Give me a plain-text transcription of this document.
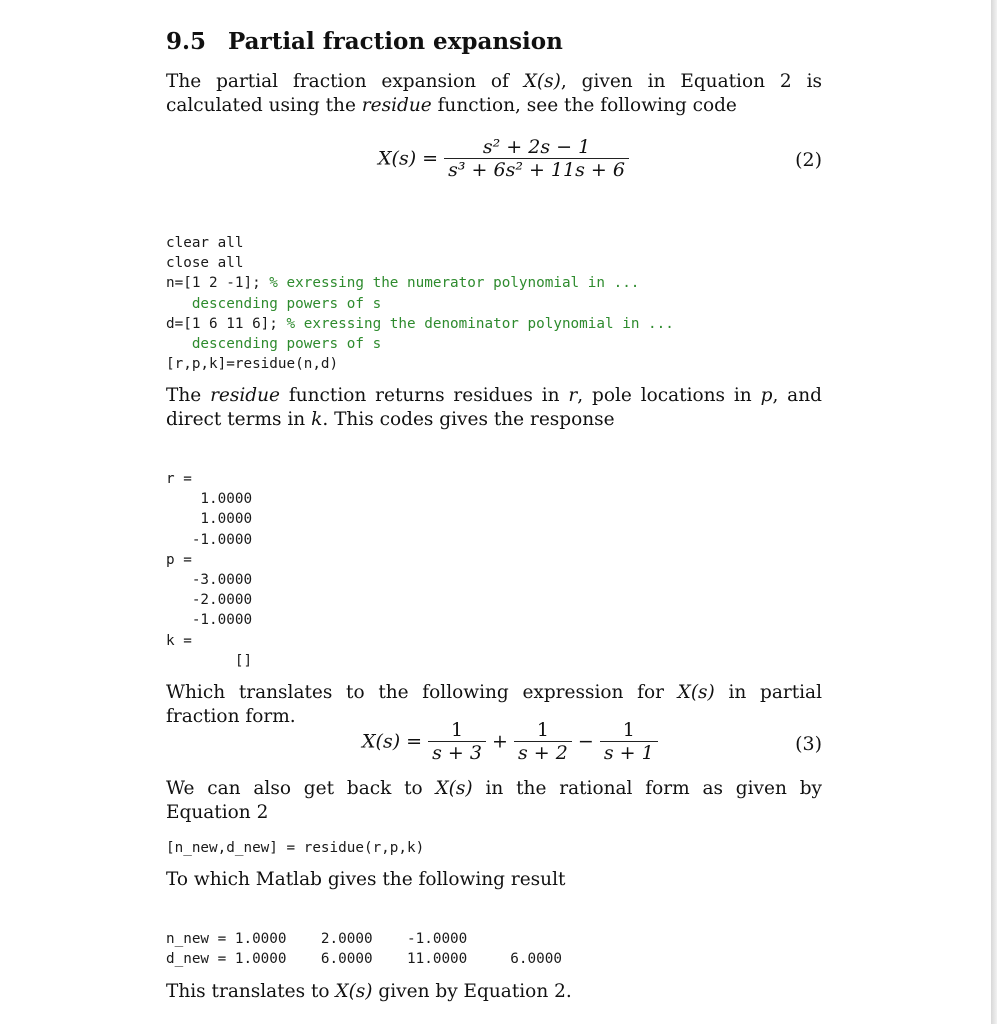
9.5 Partial fraction expansion
The partial fraction expansion of X(s), given in Equation 2 is calculated using the residue function, see the following code
$X(s) = \frac{\text{s² + 2s − 1}}{\text{s³ + 6s² + 11s + 6}}$	(2)
clear all
close all
n=[1 2 -1]; % exressing the numerator polynomial in ...
descending powers of s
d=[1 6 11 6]; % exressing the denominator polynomial in ...
descending powers of s
[r,p,k]=residue(n,d)
The residue function returns residues in r, pole locations in p, and direct terms in k. This codes gives the response
r =
1.0000
1.0000
-1.0000
p =
-3.0000
-2.0000
-1.0000
k =
[]
Which translates to the following expression for X(s) in partial fraction form.
$X(s) = \frac{1}{s + 3} + \frac{1}{s + 2} - \frac{1}{s + 1}$	(3)
We can also get back to X(s) in the rational form as given by Equation 2
[n_new,d_new] = residue(r,p,k)
To which Matlab gives the following result
n_new = 1.0000    2.0000    -1.0000
d_new = 1.0000    6.0000    11.0000     6.0000
This translates to X(s) given by Equation 2.
